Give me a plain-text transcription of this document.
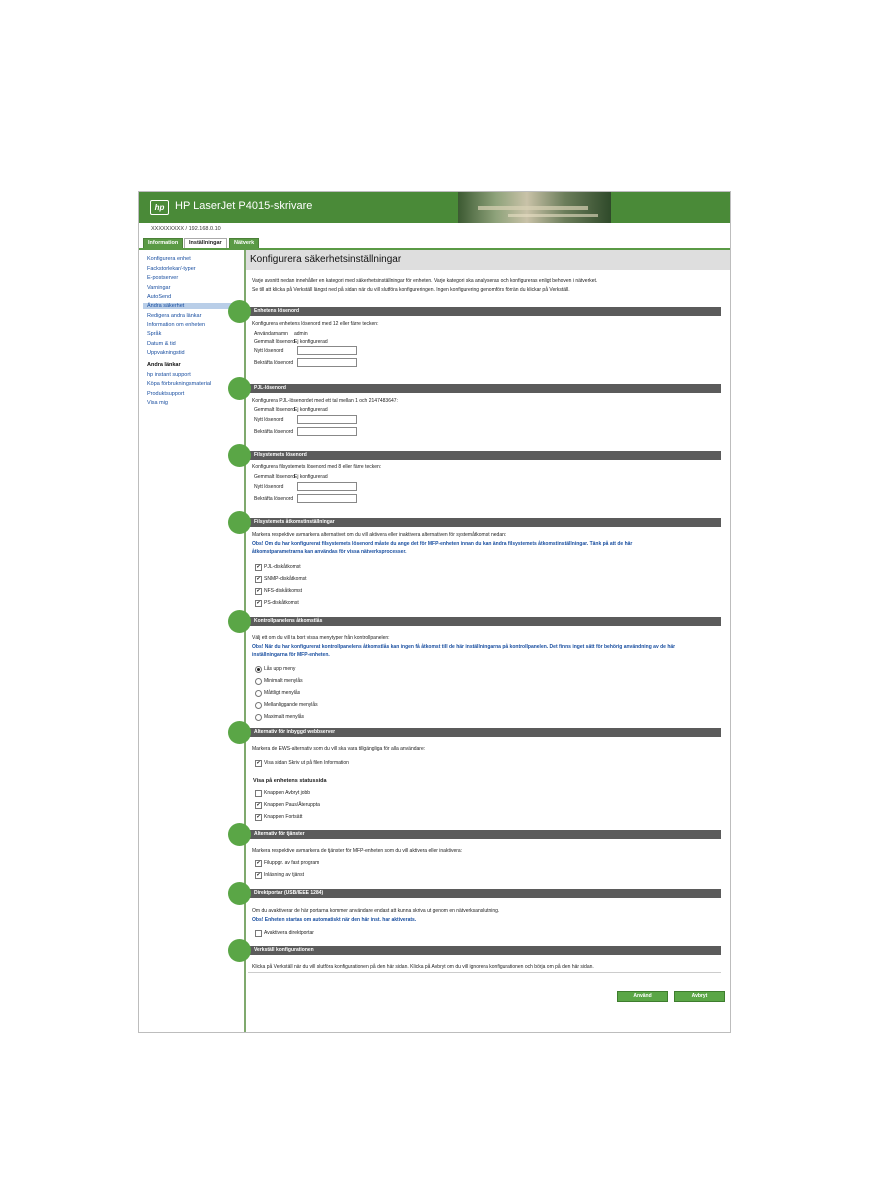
hp HP LaserJet P4015-skrivare
XXXXXXXXX / 192.168.0.10
Information	Inställningar	Nätverk
Konfigurera enhet
Fackstorlekar/-typer
E-postserver
Varningar
AutoSend
Ändra säkerhet
Redigera andra länkar
Information om enheten
Språk
Datum & tid
Uppvakningstid
Andra länkar
hp instant support
Köpa förbrukningsmaterial
Produktsupport
Visa mig
Konfigurera säkerhetsinställningar
Varje avsnitt nedan innehåller en kategori med säkerhetsinställningar för enheten. Varje kategori ska analyseras och konfigureras enligt behoven i nätverket.
Se till att klicka på Verkställ längst ned på sidan när du vill slutföra konfigureringen. Ingen konfigurering genomförs förrän du klickar på Verkställ.
Enhetens lösenord
Konfigurera enhetens lösenord med 12 eller färre tecken:
Användarnamn admin
Gemmalt lösenord Ej konfigurerad
Nytt lösenord
Bekräfta lösenord
PJL-lösenord
Konfigurera PJL-lösenordet med ett tal mellan 1 och 2147483647:
Gemmalt lösenord Ej konfigurerad
Nytt lösenord
Bekräfta lösenord
Filsystemets lösenord
Konfigurera filsystemets lösenord med 8 eller färre tecken:
Gemmalt lösenord Ej konfigurerad
Nytt lösenord
Bekräfta lösenord
Filsystemets åtkomstinställningar
Markera respektive avmarkera alternativet om du vill aktivera eller inaktivera alternativen för systemåtkomst nedan:
Obs! Om du har konfigurerat filsystemets lösenord måste du ange det för MFP-enheten innan du kan ändra filsystemets åtkomstinställningar. Tänk på att de här
åtkomstparametrarna kan användas för vissa nätverksprocesser.
✔ PJL-diskåtkomst
✔ SNMP-diskåtkomst
✔ NFS-diskåtkomst
✔ PS-diskåtkomst
Kontrollpanelens åtkomstlås
Välj ett om du vill ta bort vissa menytyper från kontrollpanelen:
Obs! När du har konfigurerat kontrollpanelens åtkomstlås kan ingen få åtkomst till de här inställningarna på kontrollpanelen. Det finns inget sätt för behörig användning av de här
inställningarna för MFP-enheten.
Lås upp meny
Minimalt menylås
Måttligt menylås
Mellanliggande menylås
Maximalt menylås
Alternativ för inbyggd webbserver
Markera de EWS-alternativ som du vill ska vara tillgängliga för alla användare:
✔ Visa sidan Skriv ut på filen Information
Visa på enhetens statussida
Knappen Avbryt jobb
✔ Knappen Paus/Återuppta
✔ Knappen Fortsätt
Alternativ för tjänster
Markera respektive avmarkera de tjänster för MFP-enheten som du vill aktivera eller inaktivera:
✔ Filuppgr. av fast program
✔ Inläsning av tjänst
Direktportar (USB/IEEE 1284)
Om du avaktiverar de här portarna kommer användare endast att kunna skriva ut genom en nätverksanslutning.
Obs! Enheten startas om automatiskt när den här inst. har aktiverats.
Avaktivera direktportar
Verkställ konfigurationen
Klicka på Verkställ när du vill slutföra konfigurationen på den här sidan. Klicka på Avbryt om du vill ignorera konfigurationen och börja om på den här sidan.
Använd	Avbryt
